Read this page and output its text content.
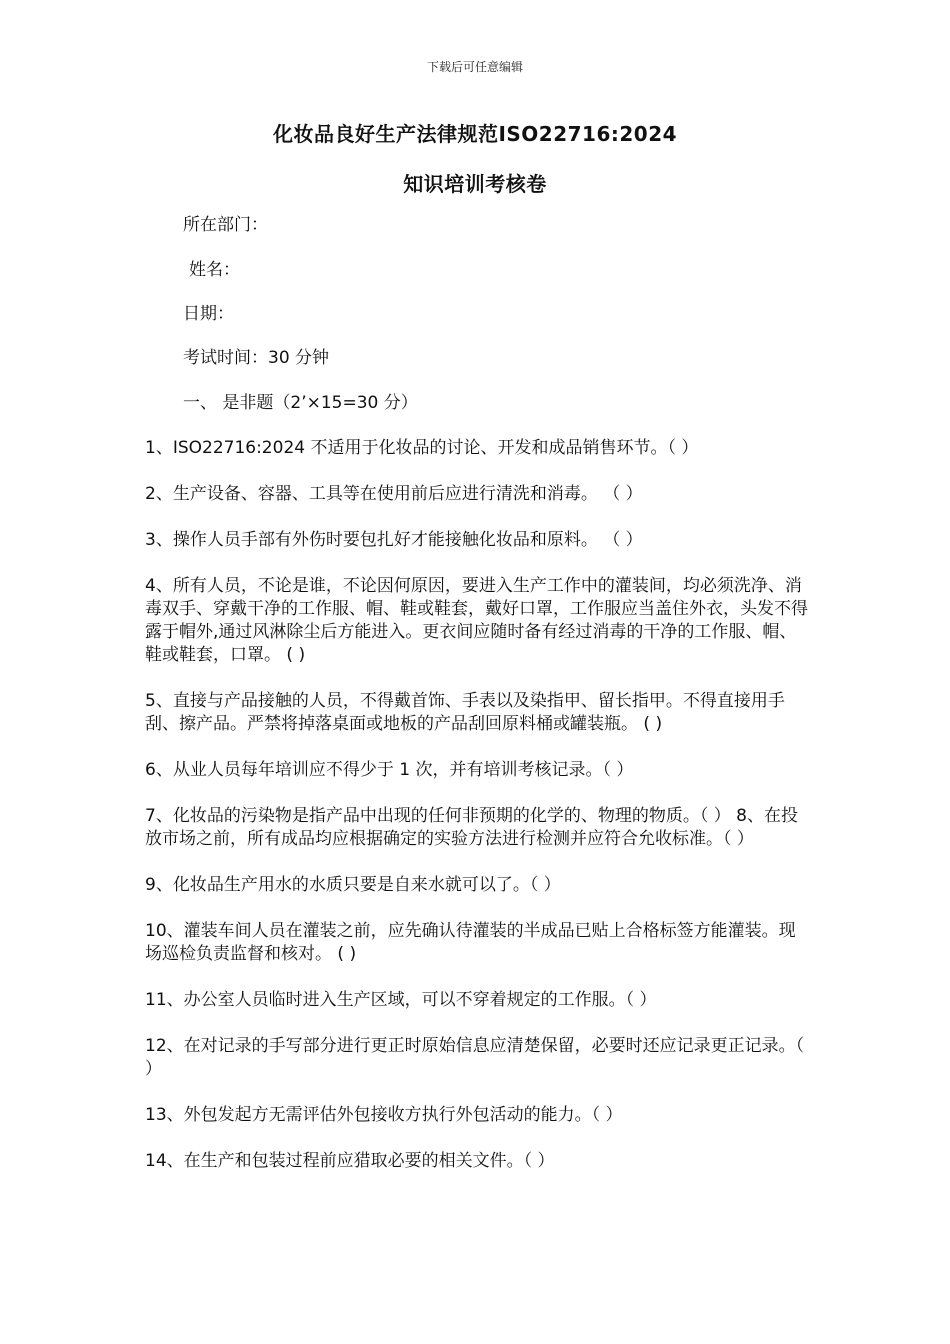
下载后可任意编辑
化妆品良好生产法律规范ISO22716:2024
知识培训考核卷
所在部门：
姓名：
日期：
考试时间：30 分钟
一、 是非题（2’×15=30 分）

1、ISO22716:2024 不适用于化妆品的讨论、开发和成品销售环节。（ ）

2、生产设备、容器、工具等在使用前后应进行清洗和消毒。 （ ）

3、操作人员手部有外伤时要包扎好才能接触化妆品和原料。 （ ）

4、所有人员，不论是谁，不论因何原因，要进入生产工作中的灌装间，均必须洗净、消毒双手、穿戴干净的工作服、帽、鞋或鞋套，戴好口罩，工作服应当盖住外衣，头发不得露于帽外,通过风淋除尘后方能进入。更衣间应随时备有经过消毒的干净的工作服、帽、鞋或鞋套，口罩。 ( )

5、直接与产品接触的人员，不得戴首饰、手表以及染指甲、留长指甲。不得直接用手 刮、擦产品。严禁将掉落桌面或地板的产品刮回原料桶或罐装瓶。 ( )

6、从业人员每年培训应不得少于 1 次，并有培训考核记录。（ ）

7、化妆品的污染物是指产品中出现的任何非预期的化学的、物理的物质。（ ） 8、在投放市场之前，所有成品均应根据确定的实验方法进行检测并应符合允收标准。（ ）

9、化妆品生产用水的水质只要是自来水就可以了。（ ）

10、灌装车间人员在灌装之前，应先确认待灌装的半成品已贴上合格标签方能灌装。现场巡检负责监督和核对。 ( )

11、办公室人员临时进入生产区域，可以不穿着规定的工作服。（ ）

12、在对记录的手写部分进行更正时原始信息应清楚保留，必要时还应记录更正记录。（ ）

13、外包发起方无需评估外包接收方执行外包活动的能力。（ ）

14、在生产和包装过程前应猎取必要的相关文件。（ ）
